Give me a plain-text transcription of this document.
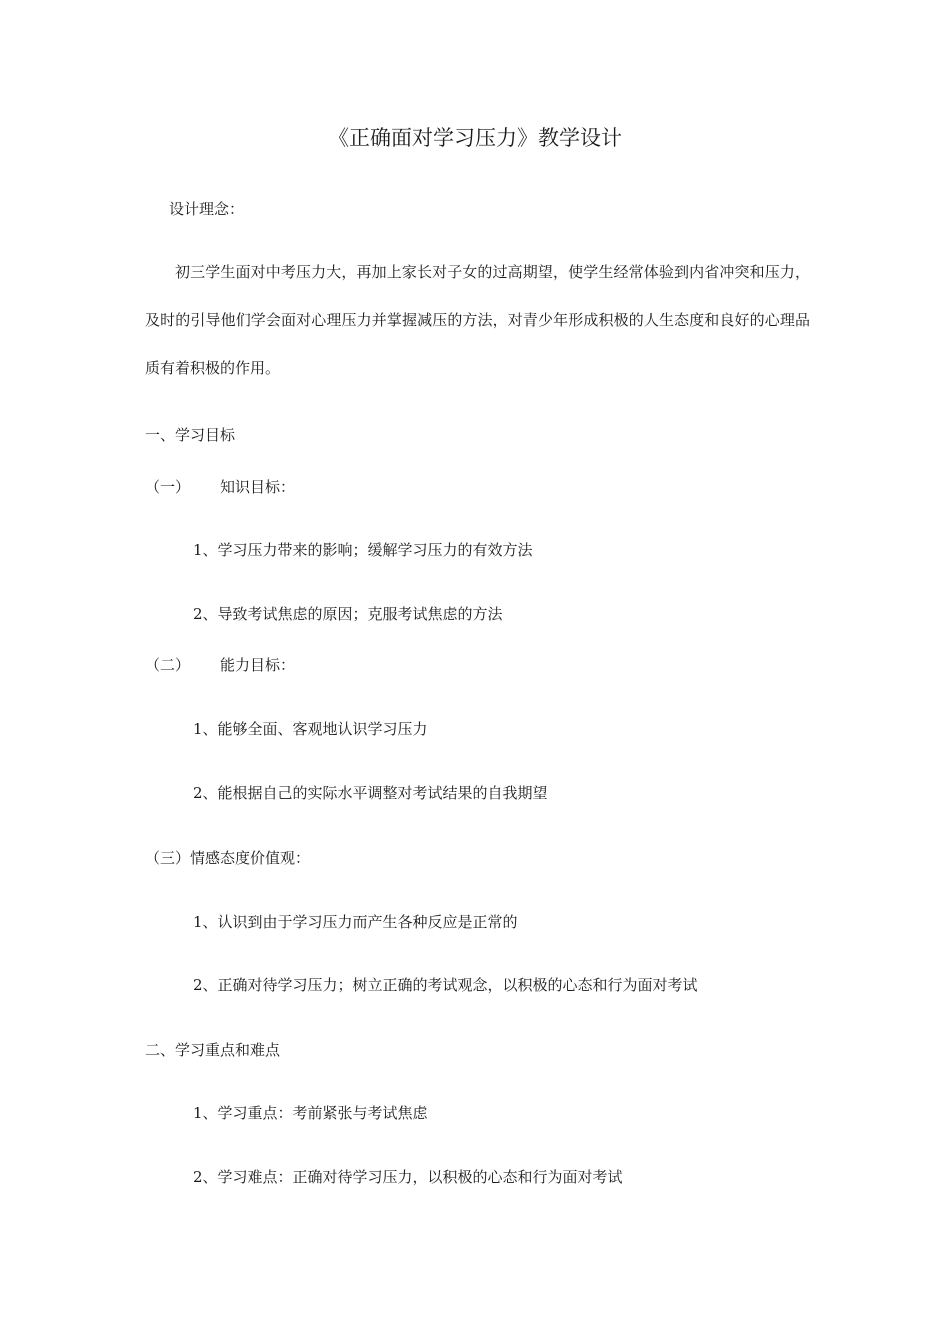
《正确面对学习压力》教学设计

设计理念：

初三学生面对中考压力大，再加上家长对子女的过高期望，使学生经常体验到内省冲突和压力，及时的引导他们学会面对心理压力并掌握减压的方法，对青少年形成积极的人生态度和良好的心理品质有着积极的作用。

一、学习目标

（一） 知识目标：

1、学习压力带来的影响；缓解学习压力的有效方法

2、导致考试焦虑的原因；克服考试焦虑的方法

（二） 能力目标：

1、能够全面、客观地认识学习压力

2、能根据自己的实际水平调整对考试结果的自我期望

（三）情感态度价值观：

1、认识到由于学习压力而产生各种反应是正常的

2、正确对待学习压力；树立正确的考试观念，以积极的心态和行为面对考试

二、学习重点和难点

1、学习重点：考前紧张与考试焦虑

2、学习难点：正确对待学习压力，以积极的心态和行为面对考试
